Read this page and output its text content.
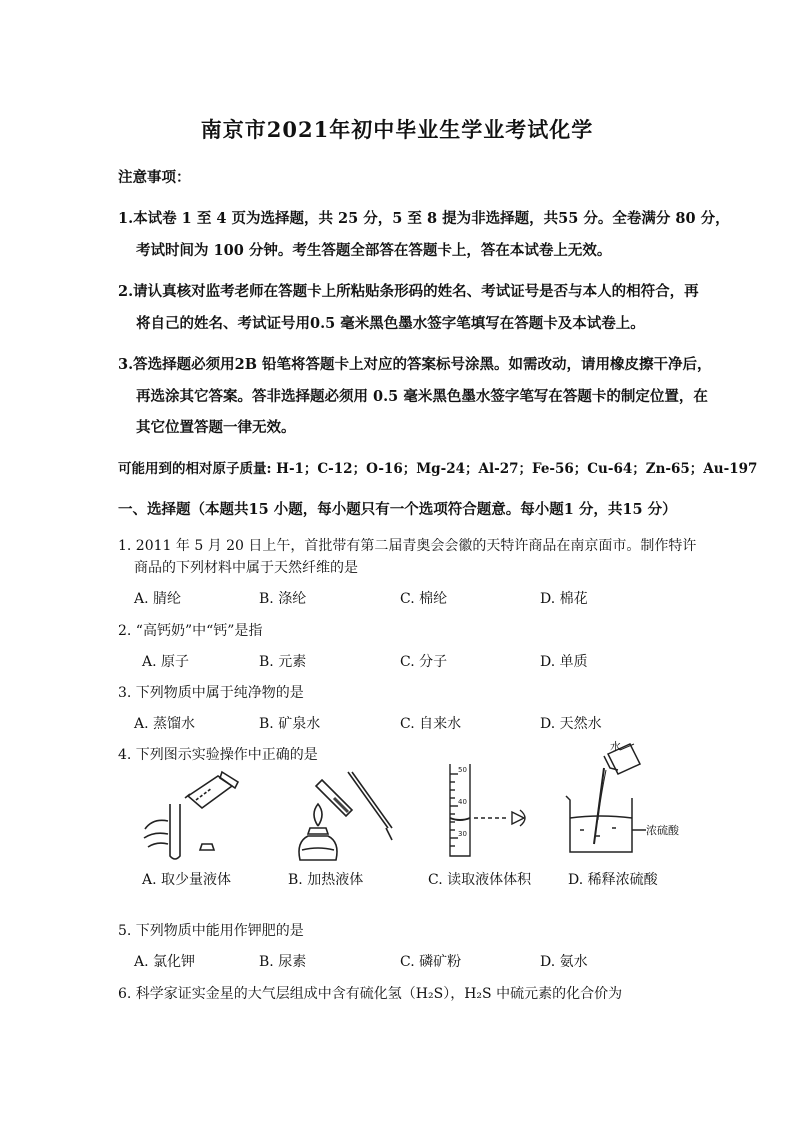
南京市2021年初中毕业生学业考试化学
注意事项：
1.本试卷 1 至 4 页为选择题，共 25 分，5 至 8 提为非选择题，共55 分。全卷满分 80 分，
考试时间为 100 分钟。考生答题全部答在答题卡上，答在本试卷上无效。
2.请认真核对监考老师在答题卡上所粘贴条形码的姓名、考试证号是否与本人的相符合，再
将自己的姓名、考试证号用0.5 毫米黑色墨水签字笔填写在答题卡及本试卷上。
3.答选择题必须用2B 铅笔将答题卡上对应的答案标号涂黑。如需改动，请用橡皮擦干净后，
再选涂其它答案。答非选择题必须用 0.5 毫米黑色墨水签字笔写在答题卡的制定位置，在
其它位置答题一律无效。
可能用到的相对原子质量: H-1；C-12；O-16；Mg-24；Al-27；Fe-56；Cu-64；Zn-65；Au-197
一、选择题（本题共15 小题，每小题只有一个选项符合题意。每小题1 分，共15 分）
1. 2011 年 5 月 20 日上午，首批带有第二届青奥会会徽的天特许商品在南京面市。制作特许
商品的下列材料中属于天然纤维的是
A. 腈纶	B. 涤纶	C. 棉纶	D. 棉花
2. “高钙奶”中“钙”是指
A. 原子	B. 元素	C. 分子	D. 单质
3. 下列物质中属于纯净物的是
A. 蒸馏水	B. 矿泉水	C. 自来水	D. 天然水
4. 下列图示实验操作中正确的是
50
40
30
水
浓硫酸
A. 取少量液体	B. 加热液体	C. 读取液体体积	D. 稀释浓硫酸
5. 下列物质中能用作钾肥的是
A. 氯化钾	B. 尿素	C. 磷矿粉	D. 氨水
6. 科学家证实金星的大气层组成中含有硫化氢（H₂S），H₂S 中硫元素的化合价为
